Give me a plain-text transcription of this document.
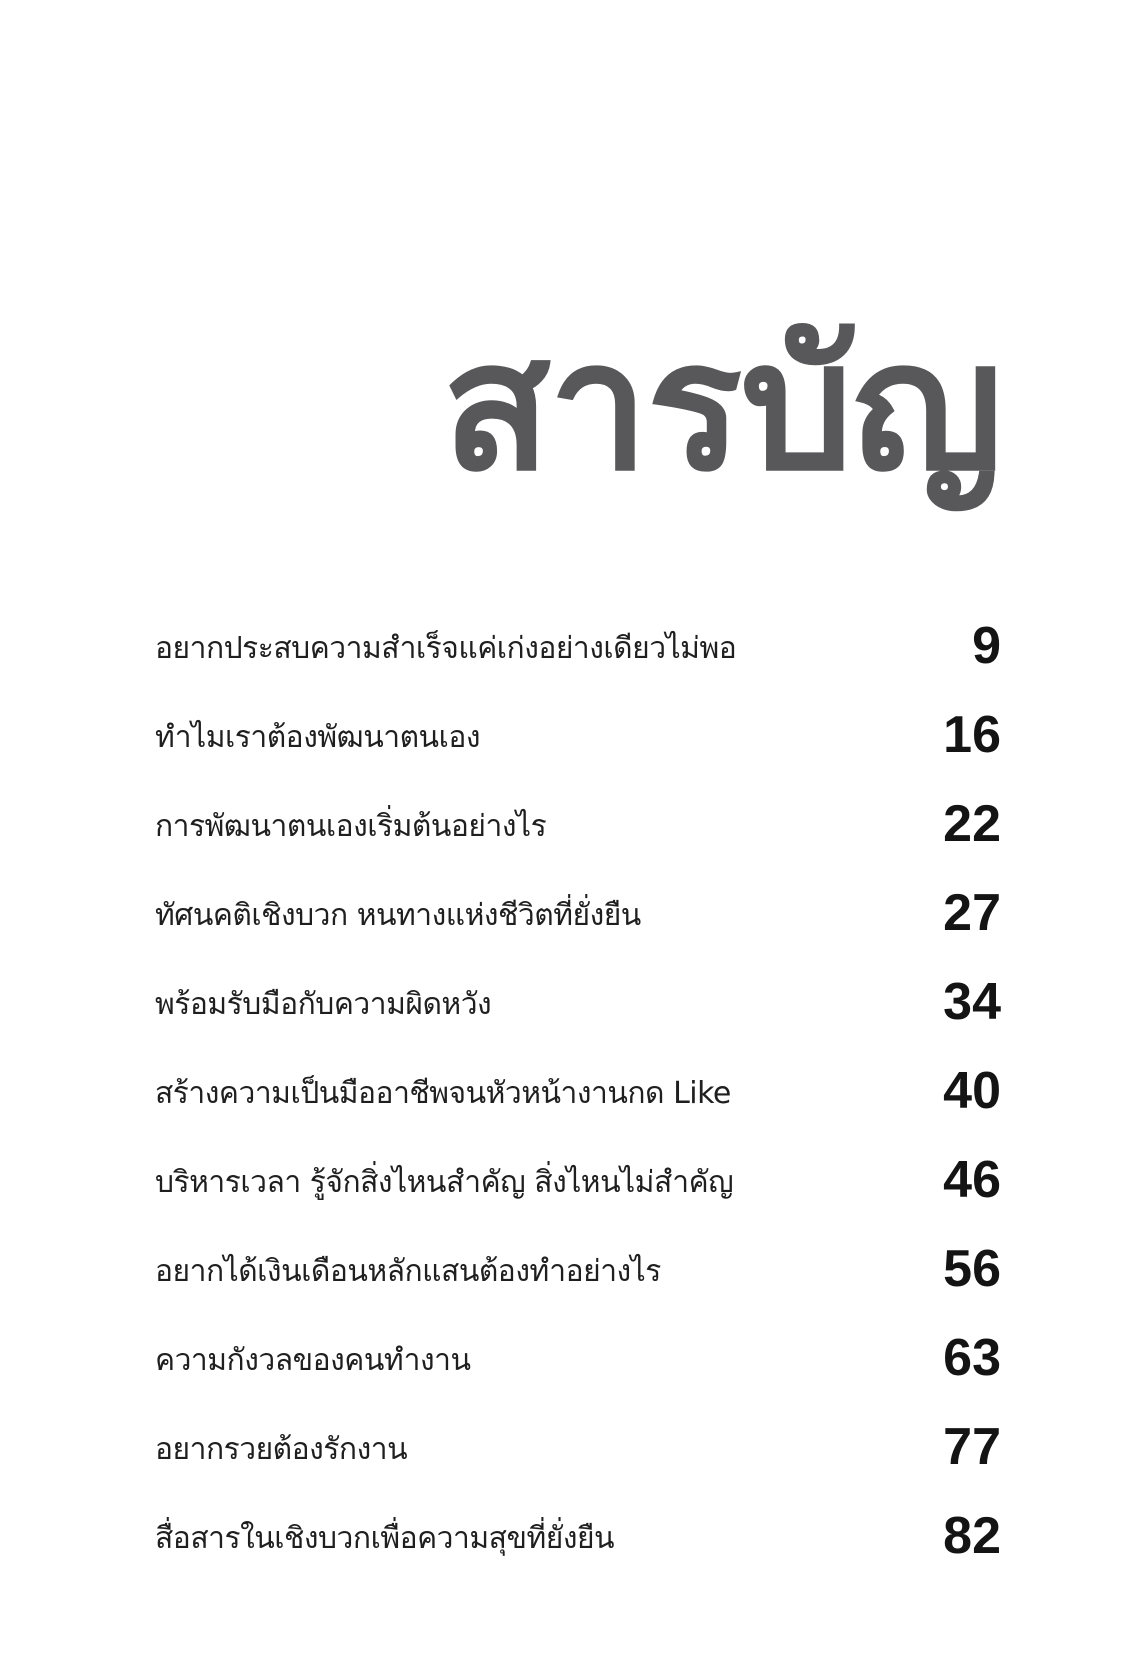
สารบัญ
อยากประสบความสำเร็จแค่เก่งอย่างเดียวไม่พอ	9
ทำไมเราต้องพัฒนาตนเอง	16
การพัฒนาตนเองเริ่มต้นอย่างไร	22
ทัศนคติเชิงบวก หนทางแห่งชีวิตที่ยั่งยืน	27
พร้อมรับมือกับความผิดหวัง	34
สร้างความเป็นมืออาชีพจนหัวหน้างานกด Like	40
บริหารเวลา รู้จักสิ่งไหนสำคัญ สิ่งไหนไม่สำคัญ	46
อยากได้เงินเดือนหลักแสนต้องทำอย่างไร	56
ความกังวลของคนทำงาน	63
อยากรวยต้องรักงาน	77
สื่อสารในเชิงบวกเพื่อความสุขที่ยั่งยืน	82
